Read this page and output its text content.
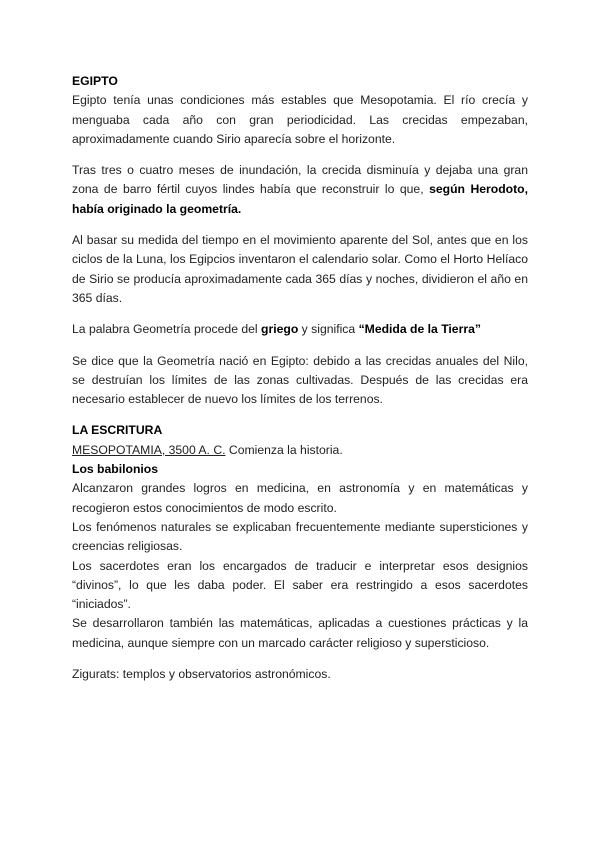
EGIPTO

Egipto tenía unas condiciones más estables que Mesopotamia. El río crecía y menguaba cada año con gran periodicidad. Las crecidas empezaban, aproximadamente cuando Sirio aparecía sobre el horizonte.

Tras tres o cuatro meses de inundación, la crecida disminuía y dejaba una gran zona de barro fértil cuyos lindes había que reconstruir lo que, según Herodoto, había originado la geometría.

Al basar su medida del tiempo en el movimiento aparente del Sol, antes que en los ciclos de la Luna, los Egipcios inventaron el calendario solar. Como el Horto Helíaco de Sirio se producía aproximadamente cada 365 días y noches, dividieron el año en 365 días.

La palabra Geometría procede del griego y significa “Medida de la Tierra”

Se dice que la Geometría nació en Egipto: debido a las crecidas anuales del Nilo, se destruían los límites de las zonas cultivadas. Después de las crecidas era necesario establecer de nuevo los límites de los terrenos.

LA ESCRITURA

MESOPOTAMIA, 3500 A. C. Comienza la historia.

Los babilonios

Alcanzaron grandes logros en medicina, en astronomía y en matemáticas y recogieron estos conocimientos de modo escrito.

Los fenómenos naturales se explicaban frecuentemente mediante supersticiones y creencias religiosas.

Los sacerdotes eran los encargados de traducir e interpretar esos designios “divinos”, lo que les daba poder. El saber era restringido a esos sacerdotes “iniciados”.

Se desarrollaron también las matemáticas, aplicadas a cuestiones prácticas y la medicina, aunque siempre con un marcado carácter religioso y supersticioso.

Zigurats: templos y observatorios astronómicos.
